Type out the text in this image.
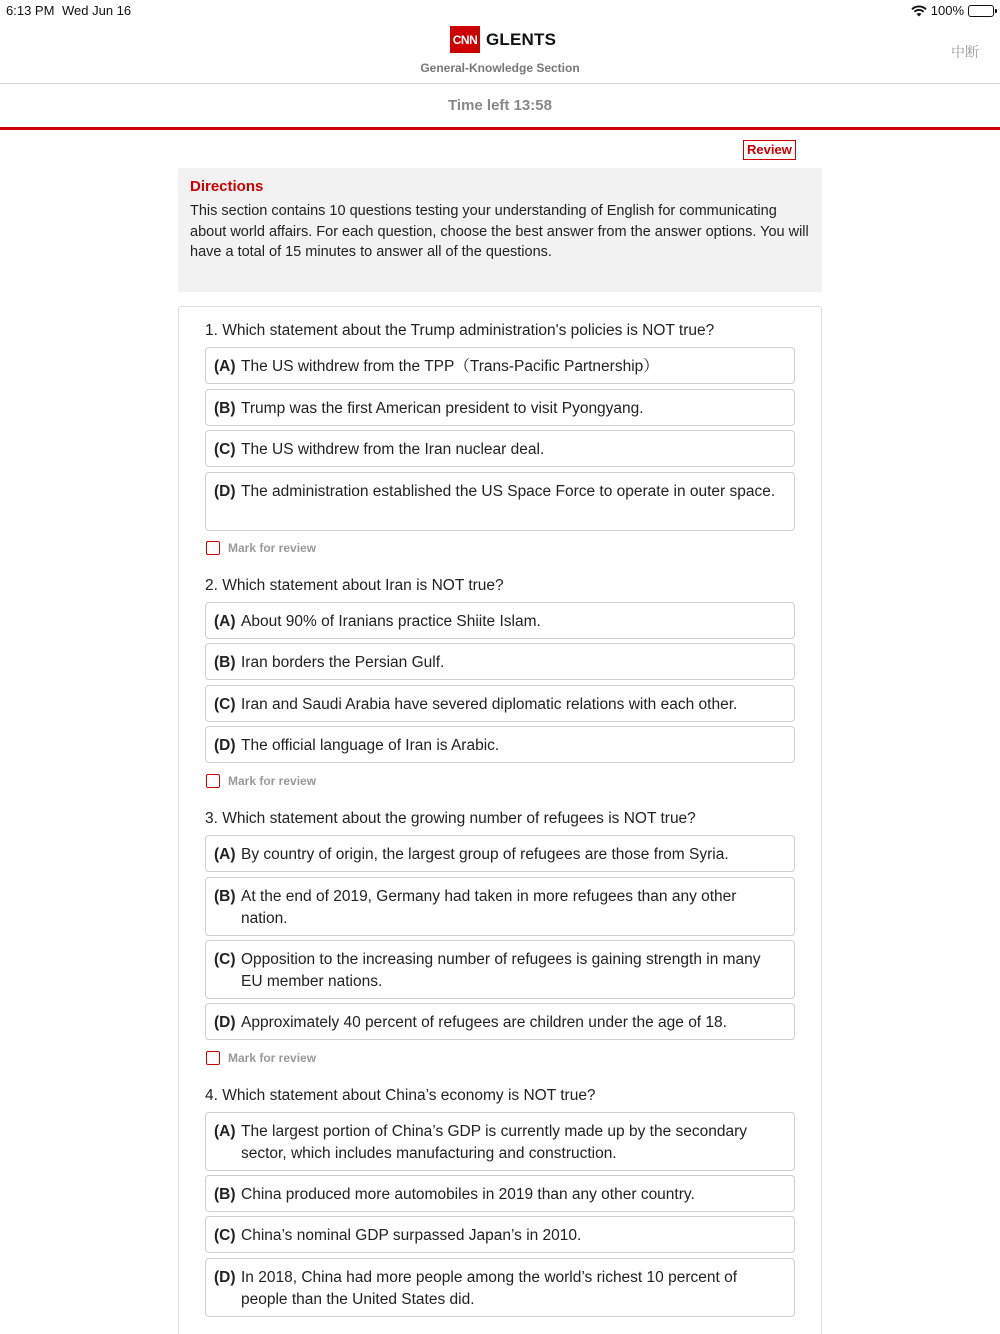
6:13 PM Wed Jun 16	100%
CNN GLENTS
General-Knowledge Section
中断
Time left 13:58
Review
Directions
This section contains 10 questions testing your understanding of English for communicating about world affairs. For each question, choose the best answer from the answer options. You will have a total of 15 minutes to answer all of the questions.
1. Which statement about the Trump administration's policies is NOT true?
(A) The US withdrew from the TPP（Trans-Pacific Partnership）
(B) Trump was the first American president to visit Pyongyang.
(C) The US withdrew from the Iran nuclear deal.
(D) The administration established the US Space Force to operate in outer space.
Mark for review
2. Which statement about Iran is NOT true?
(A) About 90% of Iranians practice Shiite Islam.
(B) Iran borders the Persian Gulf.
(C) Iran and Saudi Arabia have severed diplomatic relations with each other.
(D) The official language of Iran is Arabic.
Mark for review
3. Which statement about the growing number of refugees is NOT true?
(A) By country of origin, the largest group of refugees are those from Syria.
(B) At the end of 2019, Germany had taken in more refugees than any other nation.
(C) Opposition to the increasing number of refugees is gaining strength in many EU member nations.
(D) Approximately 40 percent of refugees are children under the age of 18.
Mark for review
4. Which statement about China’s economy is NOT true?
(A) The largest portion of China’s GDP is currently made up by the secondary sector, which includes manufacturing and construction.
(B) China produced more automobiles in 2019 than any other country.
(C) China’s nominal GDP surpassed Japan’s in 2010.
(D) In 2018, China had more people among the world’s richest 10 percent of people than the United States did.
